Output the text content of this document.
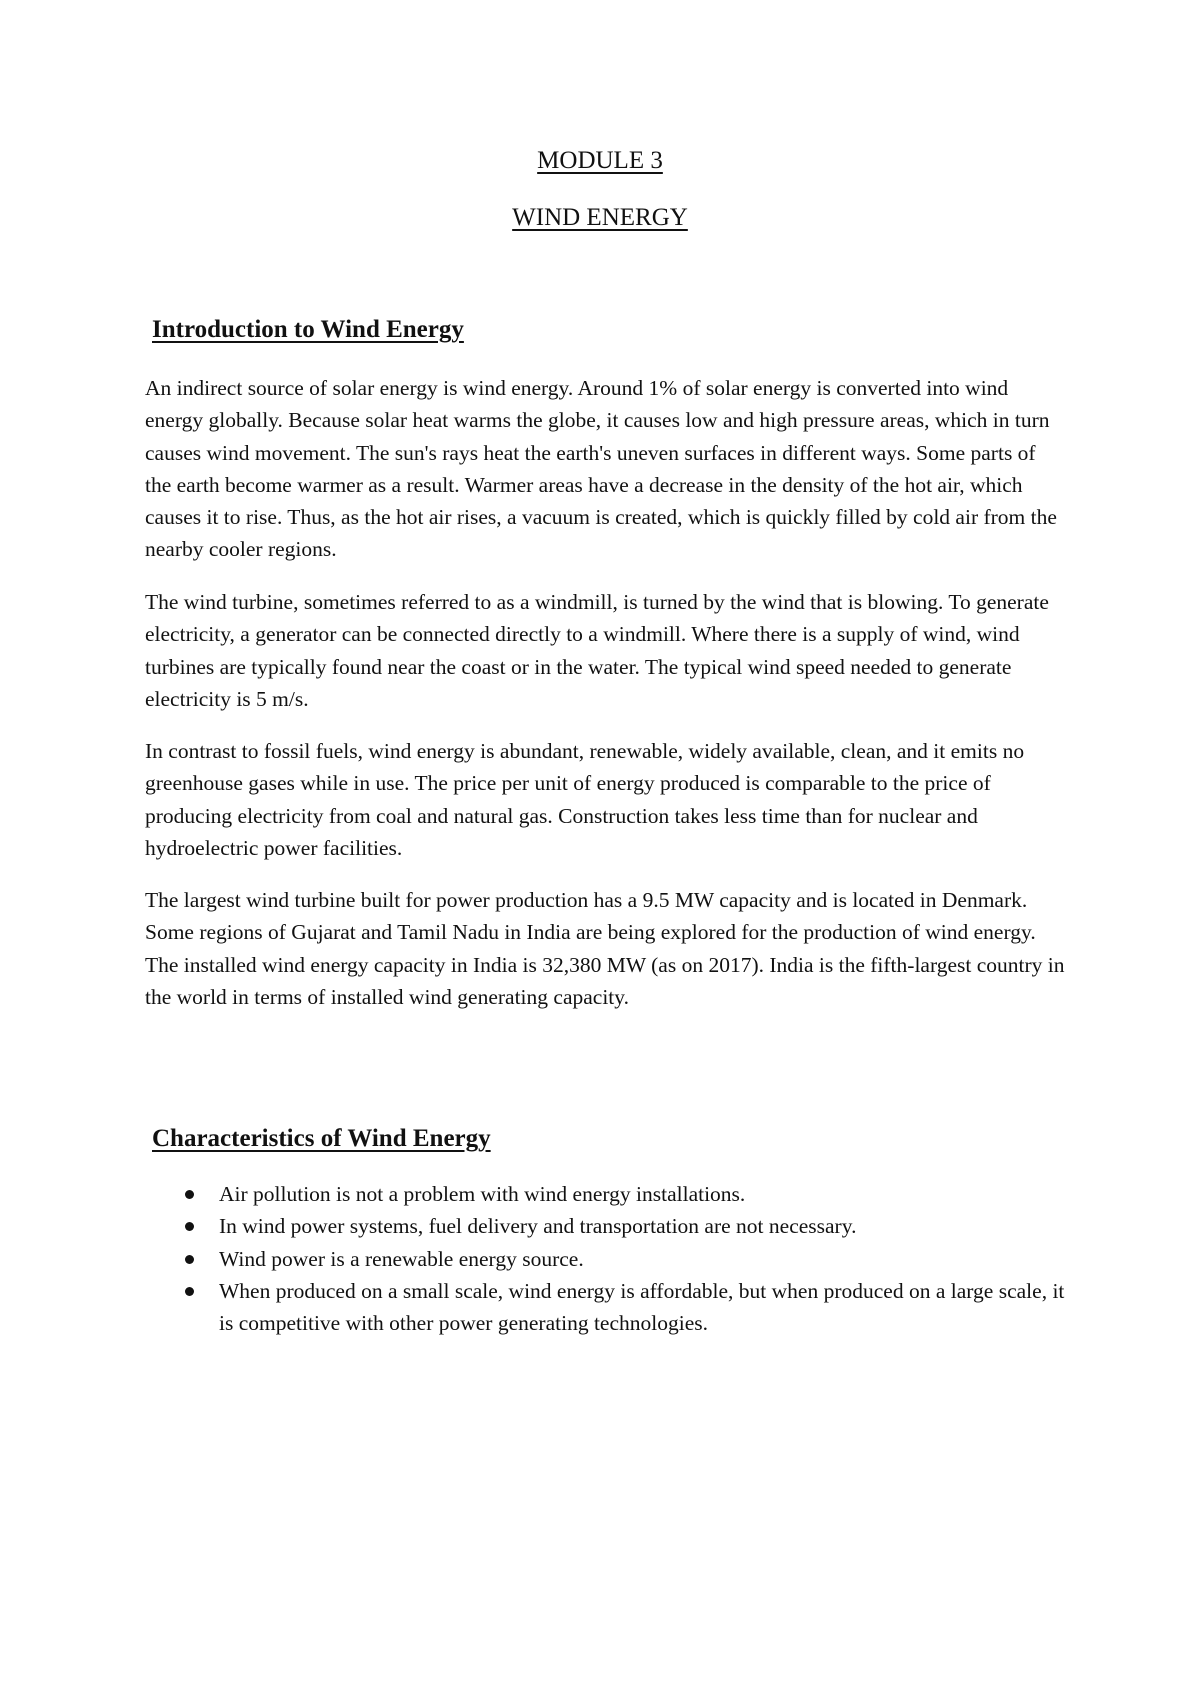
MODULE 3
WIND ENERGY
Introduction to Wind Energy

An indirect source of solar energy is wind energy. Around 1% of solar energy is converted into wind energy globally. Because solar heat warms the globe, it causes low and high pressure areas, which in turn causes wind movement. The sun's rays heat the earth's uneven surfaces in different ways. Some parts of the earth become warmer as a result. Warmer areas have a decrease in the density of the hot air, which causes it to rise. Thus, as the hot air rises, a vacuum is created, which is quickly filled by cold air from the nearby cooler regions.

The wind turbine, sometimes referred to as a windmill, is turned by the wind that is blowing. To generate electricity, a generator can be connected directly to a windmill. Where there is a supply of wind, wind turbines are typically found near the coast or in the water. The typical wind speed needed to generate electricity is 5 m/s.

In contrast to fossil fuels, wind energy is abundant, renewable, widely available, clean, and it emits no greenhouse gases while in use. The price per unit of energy produced is comparable to the price of producing electricity from coal and natural gas. Construction takes less time than for nuclear and hydroelectric power facilities.

The largest wind turbine built for power production has a 9.5 MW capacity and is located in Denmark. Some regions of Gujarat and Tamil Nadu in India are being explored for the production of wind energy. The installed wind energy capacity in India is 32,380 MW (as on 2017). India is the fifth-largest country in the world in terms of installed wind generating capacity.

Characteristics of Wind Energy
Air pollution is not a problem with wind energy installations.
In wind power systems, fuel delivery and transportation are not necessary.
Wind power is a renewable energy source.
When produced on a small scale, wind energy is affordable, but when produced on a large scale, it is competitive with other power generating technologies.
